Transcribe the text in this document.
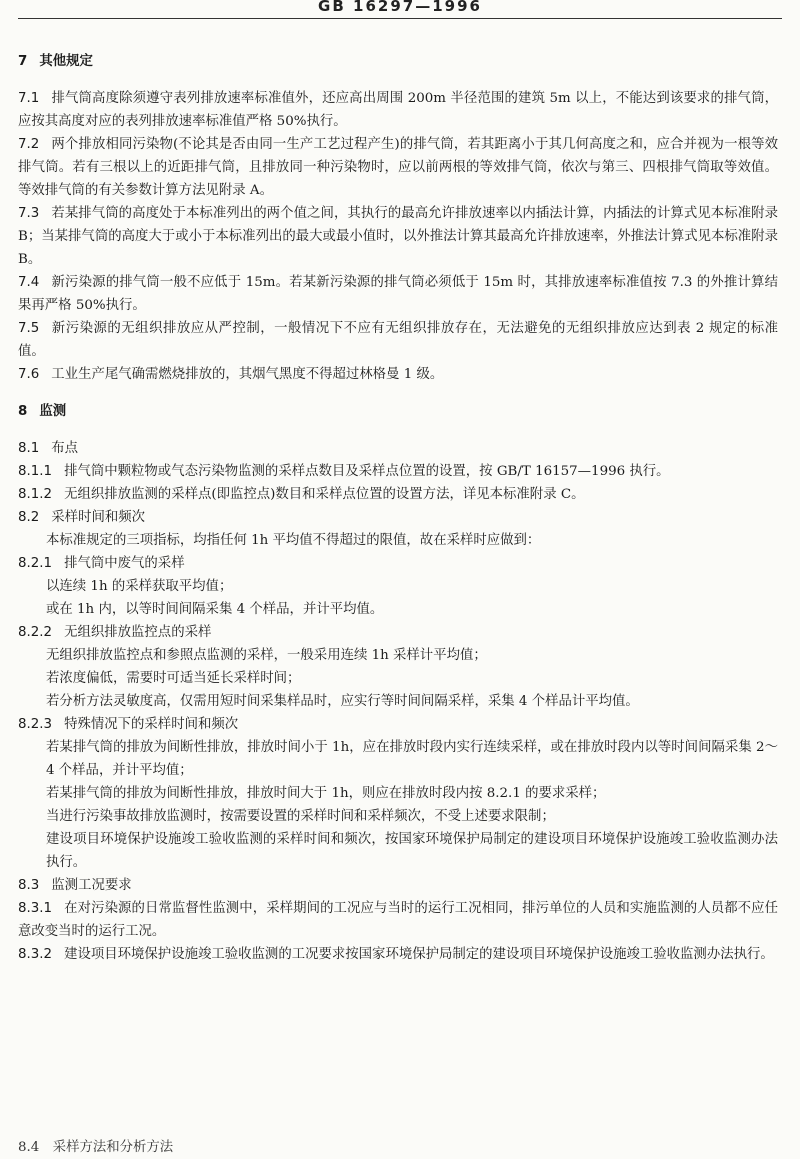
GB 16297—1996
7 其他规定

7.1 排气筒高度除须遵守表列排放速率标准值外，还应高出周围 200m 半径范围的建筑 5m 以上，不能达到该要求的排气筒，应按其高度对应的表列排放速率标准值严格 50%执行。

7.2 两个排放相同污染物(不论其是否由同一生产工艺过程产生)的排气筒，若其距离小于其几何高度之和，应合并视为一根等效排气筒。若有三根以上的近距排气筒，且排放同一种污染物时，应以前两根的等效排气筒，依次与第三、四根排气筒取等效值。等效排气筒的有关参数计算方法见附录 A。

7.3 若某排气筒的高度处于本标准列出的两个值之间，其执行的最高允许排放速率以内插法计算，内插法的计算式见本标准附录 B；当某排气筒的高度大于或小于本标准列出的最大或最小值时，以外推法计算其最高允许排放速率，外推法计算式见本标准附录 B。

7.4 新污染源的排气筒一般不应低于 15m。若某新污染源的排气筒必须低于 15m 时，其排放速率标准值按 7.3 的外推计算结果再严格 50%执行。

7.5 新污染源的无组织排放应从严控制，一般情况下不应有无组织排放存在，无法避免的无组织排放应达到表 2 规定的标准值。

7.6 工业生产尾气确需燃烧排放的，其烟气黑度不得超过林格曼 1 级。

8 监测

8.1 布点

8.1.1 排气筒中颗粒物或气态污染物监测的采样点数目及采样点位置的设置，按 GB/T 16157—1996 执行。

8.1.2 无组织排放监测的采样点(即监控点)数目和采样点位置的设置方法，详见本标准附录 C。

8.2 采样时间和频次

本标准规定的三项指标，均指任何 1h 平均值不得超过的限值，故在采样时应做到：

8.2.1 排气筒中废气的采样

以连续 1h 的采样获取平均值；

或在 1h 内，以等时间间隔采集 4 个样品，并计平均值。

8.2.2 无组织排放监控点的采样

无组织排放监控点和参照点监测的采样，一般采用连续 1h 采样计平均值；

若浓度偏低，需要时可适当延长采样时间；

若分析方法灵敏度高，仅需用短时间采集样品时，应实行等时间间隔采样，采集 4 个样品计平均值。

8.2.3 特殊情况下的采样时间和频次

若某排气筒的排放为间断性排放，排放时间小于 1h，应在排放时段内实行连续采样，或在排放时段内以等时间间隔采集 2～4 个样品，并计平均值；

若某排气筒的排放为间断性排放，排放时间大于 1h，则应在排放时段内按 8.2.1 的要求采样；

当进行污染事故排放监测时，按需要设置的采样时间和采样频次，不受上述要求限制；

建设项目环境保护设施竣工验收监测的采样时间和频次，按国家环境保护局制定的建设项目环境保护设施竣工验收监测办法执行。

8.3 监测工况要求

8.3.1 在对污染源的日常监督性监测中，采样期间的工况应与当时的运行工况相同，排污单位的人员和实施监测的人员都不应任意改变当时的运行工况。

8.3.2 建设项目环境保护设施竣工验收监测的工况要求按国家环境保护局制定的建设项目环境保护设施竣工验收监测办法执行。

8.4　采样方法和分析方法
